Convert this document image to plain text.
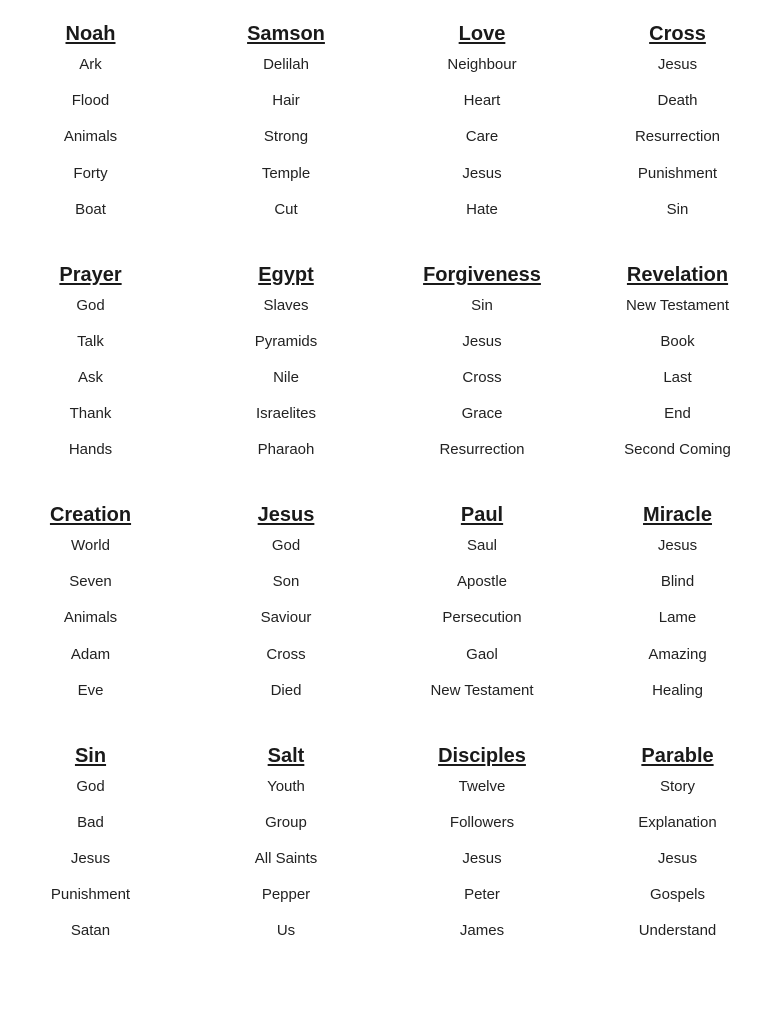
Noah
Ark
Flood
Animals
Forty
Boat
Samson
Delilah
Hair
Strong
Temple
Cut
Love
Neighbour
Heart
Care
Jesus
Hate
Cross
Jesus
Death
Resurrection
Punishment
Sin
Prayer
God
Talk
Ask
Thank
Hands
Egypt
Slaves
Pyramids
Nile
Israelites
Pharaoh
Forgiveness
Sin
Jesus
Cross
Grace
Resurrection
Revelation
New Testament
Book
Last
End
Second Coming
Creation
World
Seven
Animals
Adam
Eve
Jesus
God
Son
Saviour
Cross
Died
Paul
Saul
Apostle
Persecution
Gaol
New Testament
Miracle
Jesus
Blind
Lame
Amazing
Healing
Sin
God
Bad
Jesus
Punishment
Satan
Salt
Youth
Group
All Saints
Pepper
Us
Disciples
Twelve
Followers
Jesus
Peter
James
Parable
Story
Explanation
Jesus
Gospels
Understand
